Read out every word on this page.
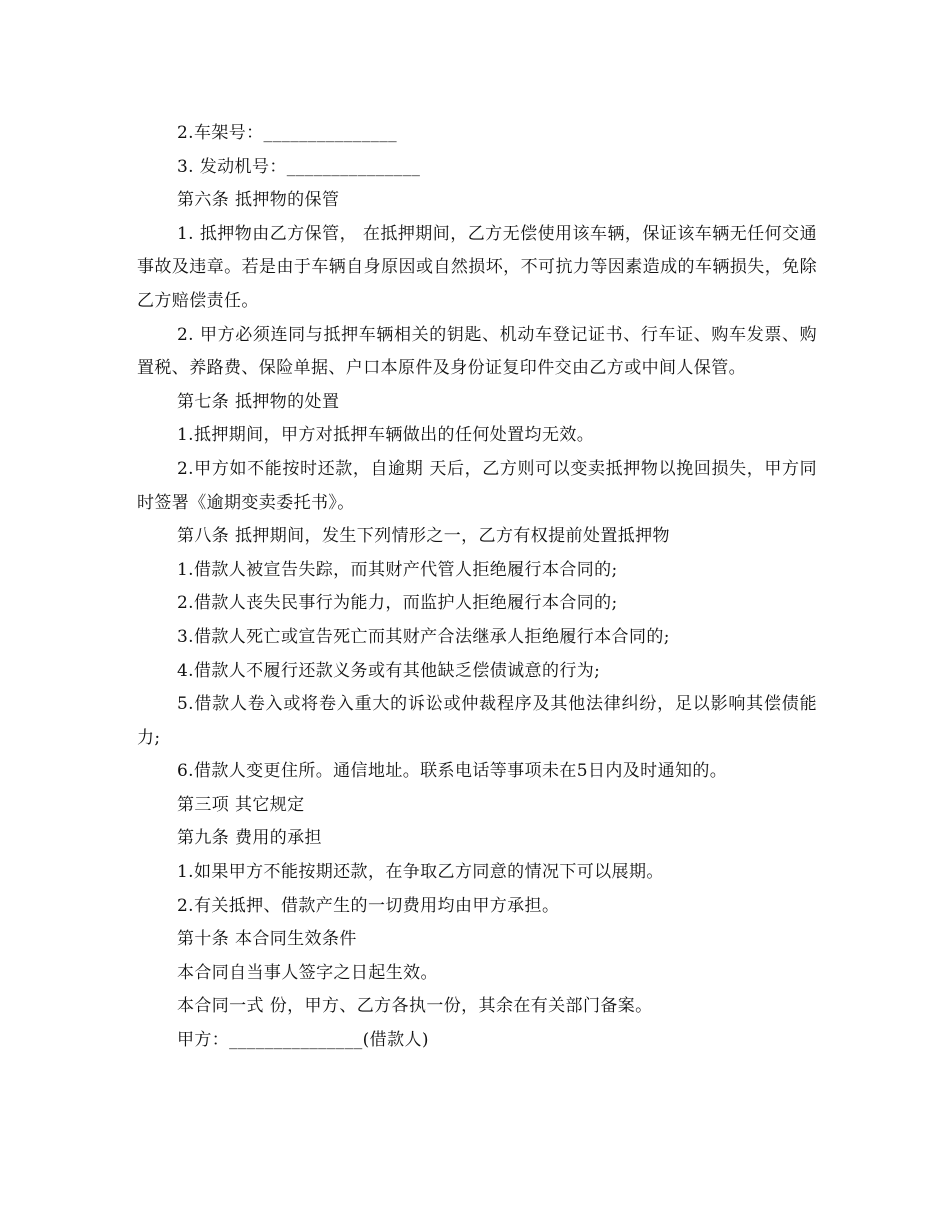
2.车架号：_______________

3. 发动机号：_______________

第六条 抵押物的保管

1. 抵押物由乙方保管， 在抵押期间，乙方无偿使用该车辆，保证该车辆无任何交通事故及违章。若是由于车辆自身原因或自然损坏，不可抗力等因素造成的车辆损失，免除乙方赔偿责任。

2. 甲方必须连同与抵押车辆相关的钥匙、机动车登记证书、行车证、购车发票、购置税、养路费、保险单据、户口本原件及身份证复印件交由乙方或中间人保管。

第七条 抵押物的处置

1.抵押期间，甲方对抵押车辆做出的任何处置均无效。

2.甲方如不能按时还款，自逾期 天后，乙方则可以变卖抵押物以挽回损失，甲方同时签署《逾期变卖委托书》。

第八条 抵押期间，发生下列情形之一，乙方有权提前处置抵押物

1.借款人被宣告失踪，而其财产代管人拒绝履行本合同的;

2.借款人丧失民事行为能力，而监护人拒绝履行本合同的;

3.借款人死亡或宣告死亡而其财产合法继承人拒绝履行本合同的;

4.借款人不履行还款义务或有其他缺乏偿债诚意的行为;

5.借款人卷入或将卷入重大的诉讼或仲裁程序及其他法律纠纷，足以影响其偿债能力;

6.借款人变更住所。通信地址。联系电话等事项未在5日内及时通知的。

第三项 其它规定

第九条 费用的承担

1.如果甲方不能按期还款，在争取乙方同意的情况下可以展期。

2.有关抵押、借款产生的一切费用均由甲方承担。

第十条 本合同生效条件

本合同自当事人签字之日起生效。

本合同一式 份，甲方、乙方各执一份，其余在有关部门备案。

甲方：_______________(借款人)
